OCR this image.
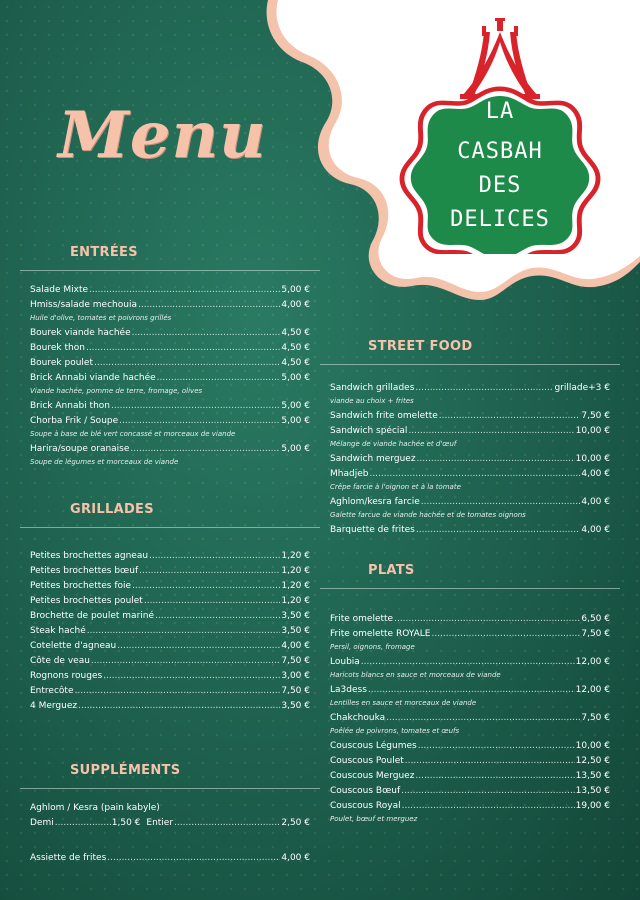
Menu	LA
CASBAH
DES
DELICES
ENTRÉES
Salade Mixte .....	5,00 €
Hmiss/salade mechouia .....	4,00 €
Huile d'olive, tomates et poivrons grillés
Bourek viande hachée .....	4,50 €
Bourek thon .....	4,50 €
Bourek poulet .....	4,50 €
Brick Annabi viande hachée .....	5,00 €
Viande hachée, pomme de terre, fromage, olives
Brick Annabi thon .....	5,00 €
Chorba Frik / Soupe .....	5,00 €
Soupe à base de blé vert concassé et morceaux de viande
Harira/soupe oranaise .....	5,00 €
Soupe de légumes et morceaux de viande
GRILLADES
Petites brochettes agneau .....	1,20 €
Petites brochettes bœuf .....	1,20 €
Petites brochettes foie .....	1,20 €
Petites brochettes poulet .....	1,20 €
Brochette de poulet mariné .....	3,50 €
Steak haché .....	3,50 €
Cotelette d'agneau .....	4,00 €
Côte de veau .....	7,50 €
Rognons rouges .....	3,00 €
Entrecôte .....	7,50 €
4 Merguez .....	3,50 €
SUPPLÉMENTS
Aghlom / Kesra (pain kabyle)
Demi .....	1,50 € Entier .....	2,50 €
Assiette de frites .....	4,00 €
STREET FOOD
Sandwich grillades .....	grillade+3 €
viande au choix + frites
Sandwich frite omelette .....	7,50 €
Sandwich spécial .....	10,00 €
Mélange de viande hachée et d'œuf
Sandwich merguez .....	10,00 €
Mhadjeb .....	4,00 €
Crêpe farcie à l'oignon et à la tomate
Aghlom/kesra farcie .....	4,00 €
Galette farcue de viande hachée et de tomates oignons
Barquette de frites .....	4,00 €
PLATS
Frite omelette .....	6,50 €
Frite omelette ROYALE .....	7,50 €
Persil, oignons, fromage
Loubia .....	12,00 €
Haricots blancs en sauce et morceaux de viande
La3dess .....	12,00 €
Lentilles en sauce et morceaux de viande
Chakchouka .....	7,50 €
Poêlée de poivrons, tomates et œufs
Couscous Légumes .....	10,00 €
Couscous Poulet .....	12,50 €
Couscous Merguez .....	13,50 €
Couscous Bœuf .....	13,50 €
Couscous Royal .....	19,00 €
Poulet, bœuf et merguez
